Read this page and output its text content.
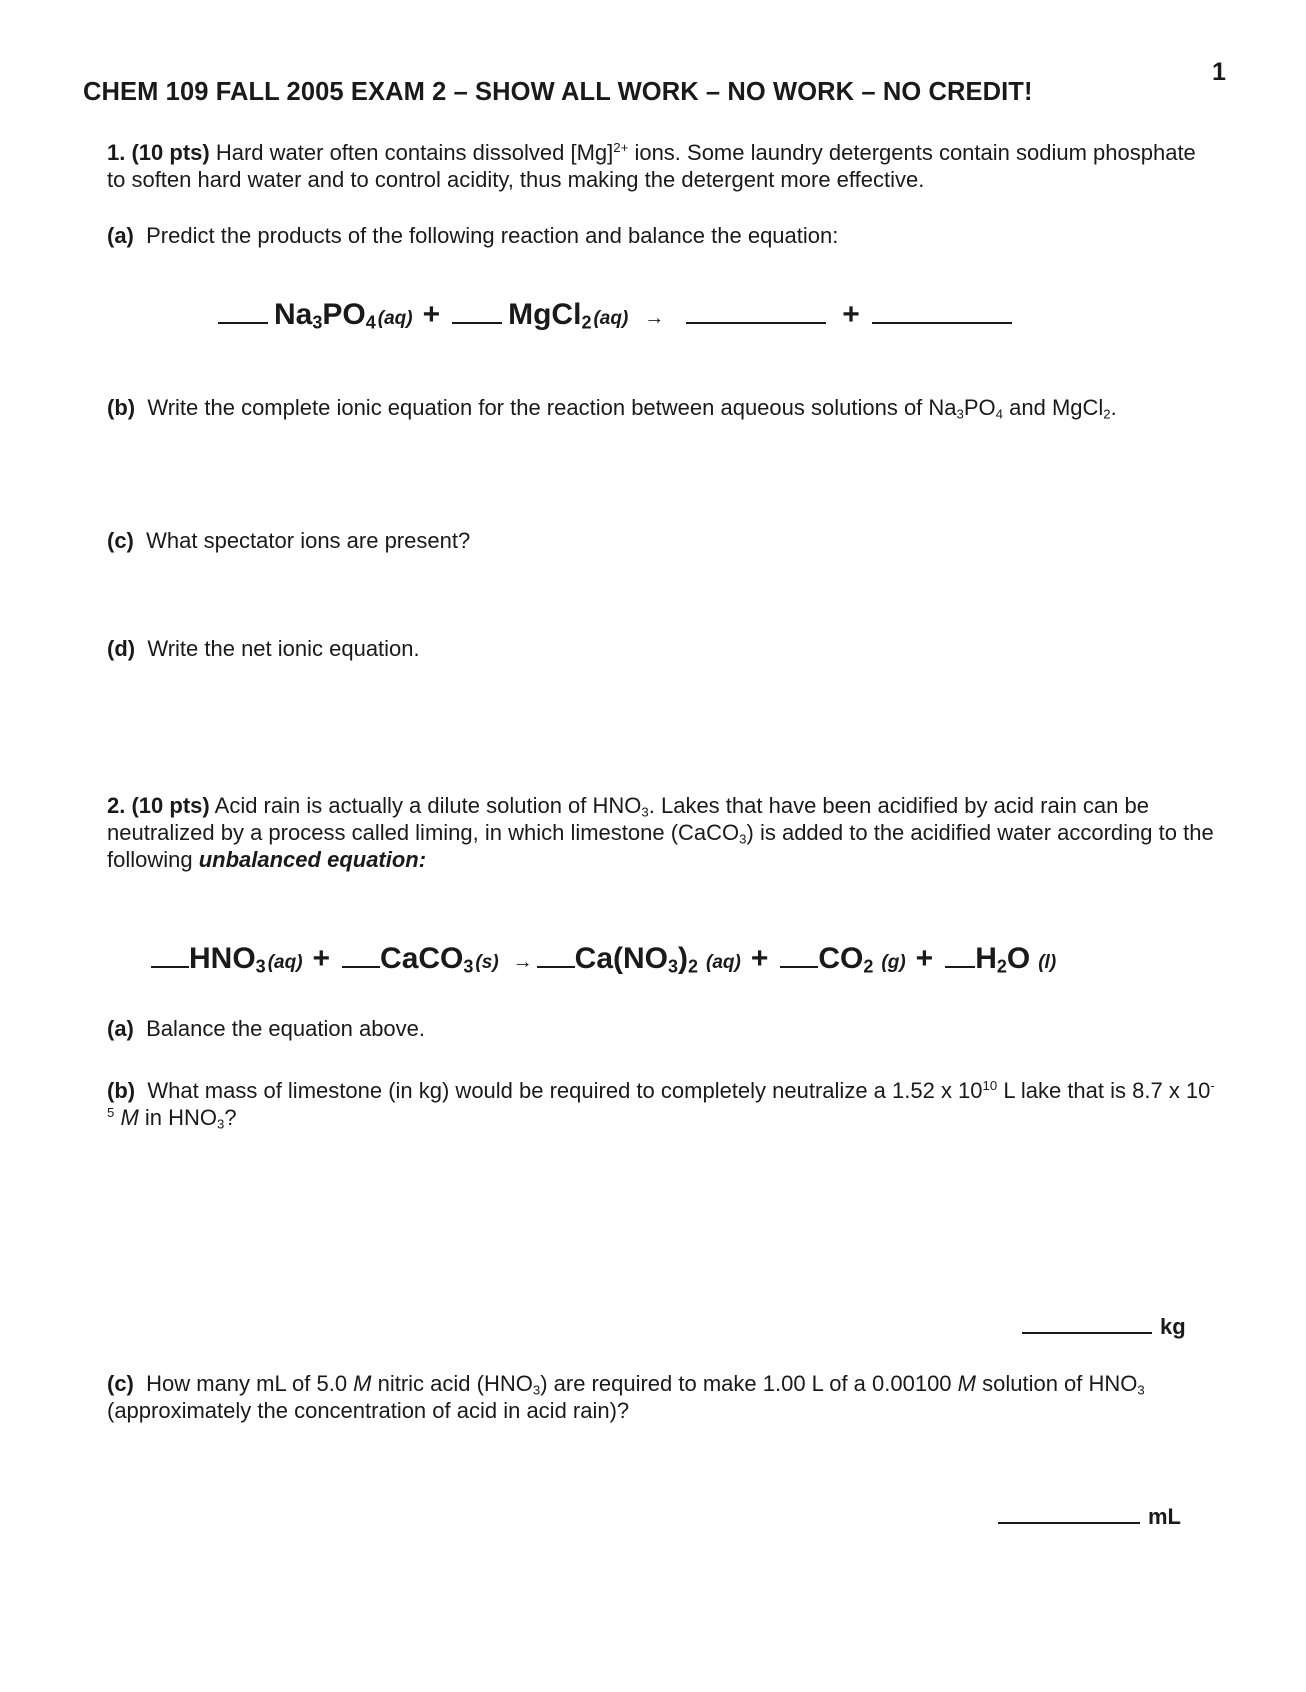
1
CHEM 109 FALL 2005 EXAM 2 – SHOW ALL WORK – NO WORK – NO CREDIT!
1. (10 pts) Hard water often contains dissolved $[Mg]^{2+}$ ions. Some laundry detergents contain sodium phosphate to soften hard water and to control acidity, thus making the detergent more effective.
(a) Predict the products of the following reaction and balance the equation:
$Na_3PO_4$ (aq) + MgCl$_2$ (aq) →	+
(b) Write the complete ionic equation for the reaction between aqueous solutions of $Na_3PO_4$ and MgCl$_2$.
(c) What spectator ions are present?
(d) Write the net ionic equation.
2. (10 pts) Acid rain is actually a dilute solution of $HNO_3$. Lakes that have been acidified by acid rain can be neutralized by a process called liming, in which limestone (CaCO$_3$) is added to the acidified water according to the following unbalanced equation:
$HNO_3$ (aq) + CaCO$_3$ $(s) \to Ca(NO_3)_2$ $(aq) + CO_2$ $(g) + H_2O$ (l)
(a) Balance the equation above.
(b) What mass of limestone (in kg) would be required to completely neutralize a 1.52 x $10^{10}$ L lake that is 8.7 x $10^{-5}$ M in $HNO_3$?
kg
(c) How many mL of 5.0 M nitric acid $(HNO_3)$ are required to make 1.00 L of a 0.00100 M solution of $HNO_3$ (approximately the concentration of acid in acid rain)?
mL
